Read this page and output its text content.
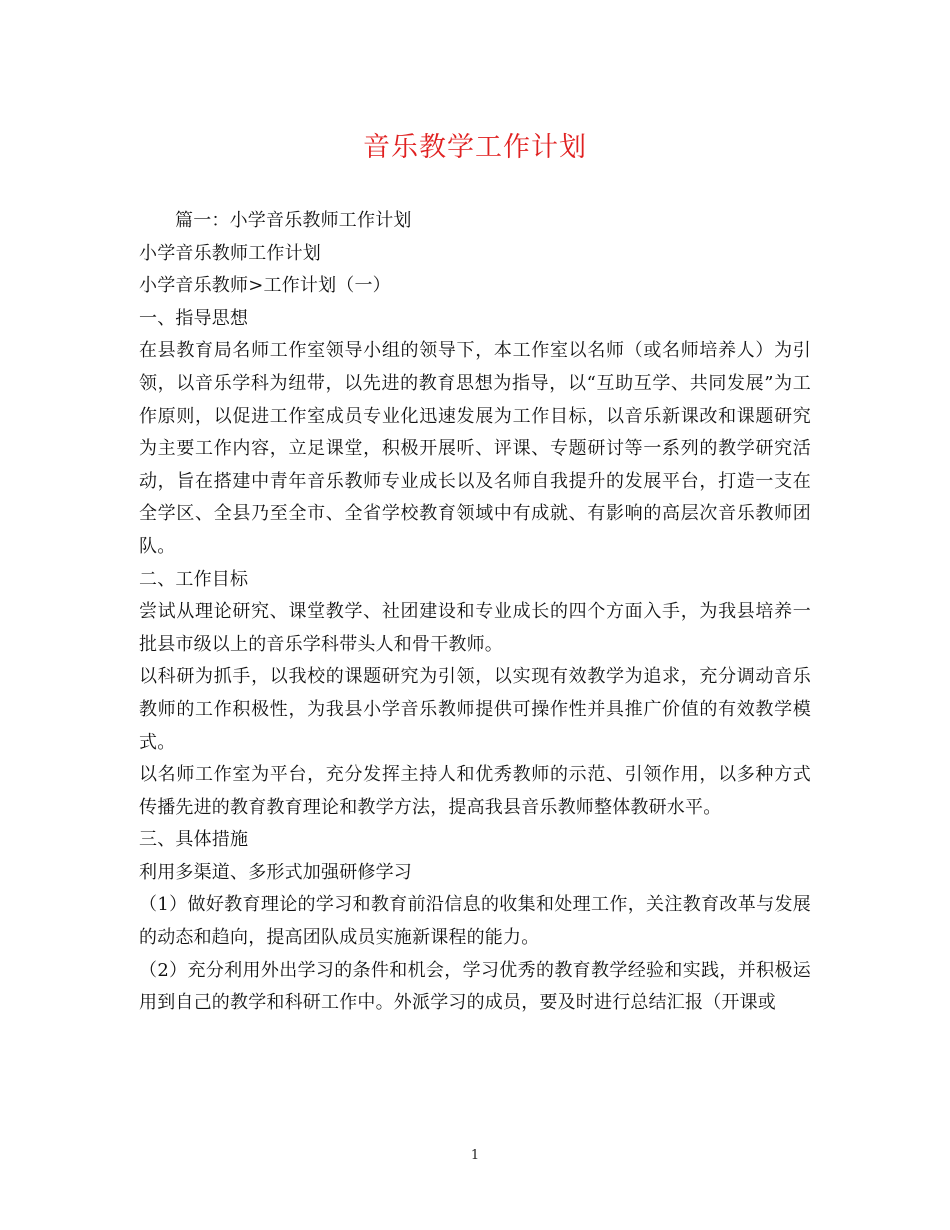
音乐教学工作计划

篇一：小学音乐教师工作计划

小学音乐教师工作计划

小学音乐教师>工作计划（一）

一、指导思想

在县教育局名师工作室领导小组的领导下，本工作室以名师（或名师培养人）为引领，以音乐学科为纽带，以先进的教育思想为指导，以“互助互学、共同发展”为工作原则，以促进工作室成员专业化迅速发展为工作目标，以音乐新课改和课题研究为主要工作内容，立足课堂，积极开展听、评课、专题研讨等一系列的教学研究活动，旨在搭建中青年音乐教师专业成长以及名师自我提升的发展平台，打造一支在全学区、全县乃至全市、全省学校教育领域中有成就、有影响的高层次音乐教师团队。

二、工作目标

尝试从理论研究、课堂教学、社团建设和专业成长的四个方面入手，为我县培养一批县市级以上的音乐学科带头人和骨干教师。

以科研为抓手，以我校的课题研究为引领，以实现有效教学为追求，充分调动音乐教师的工作积极性，为我县小学音乐教师提供可操作性并具推广价值的有效教学模式。

以名师工作室为平台，充分发挥主持人和优秀教师的示范、引领作用，以多种方式传播先进的教育教育理论和教学方法，提高我县音乐教师整体教研水平。

三、具体措施

利用多渠道、多形式加强研修学习

（1）做好教育理论的学习和教育前沿信息的收集和处理工作，关注教育改革与发展的动态和趋向，提高团队成员实施新课程的能力。

（2）充分利用外出学习的条件和机会，学习优秀的教育教学经验和实践，并积极运用到自己的教学和科研工作中。外派学习的成员，要及时进行总结汇报（开课或

1
